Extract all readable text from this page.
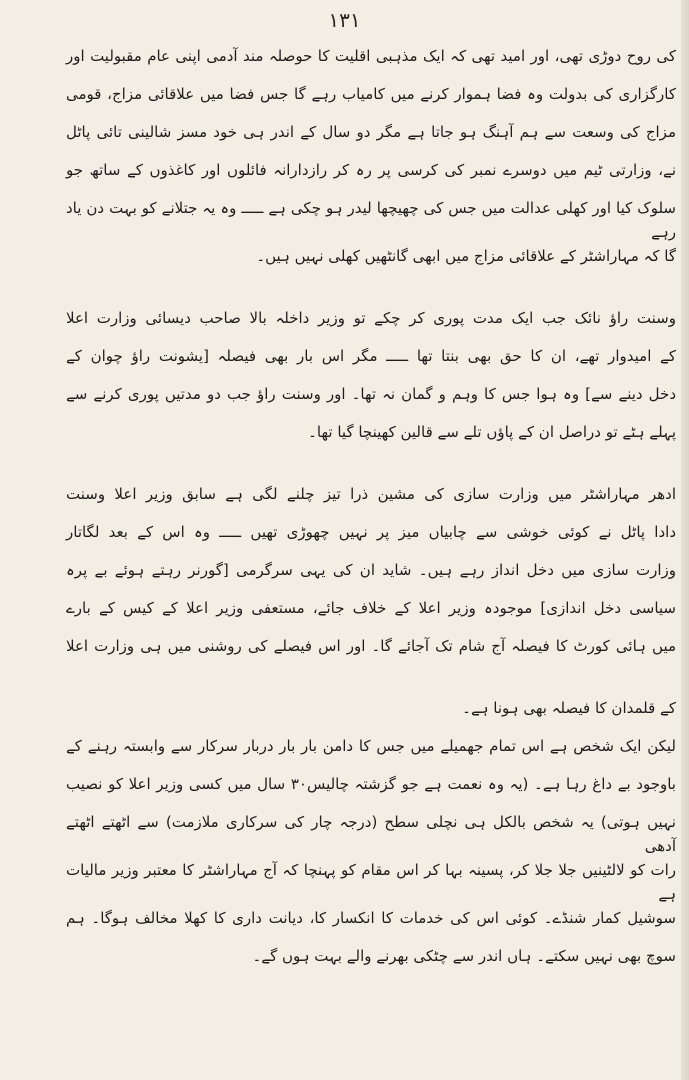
۱۳۱
کی روح دوڑی تھی، اور امید تھی کہ ایک مذہبی اقلیت کا حوصلہ مند آدمی اپنی عام مقبولیت اور
کارگزاری کی بدولت وہ فضا ہموار کرنے میں کامیاب رہے گا جس فضا میں علاقائی مزاج، قومی
مزاج کی وسعت سے ہم آہنگ ہو جاتا ہے مگر دو سال کے اندر ہی خود مسز شالینی تائی پاٹل
نے، وزارتی ٹیم میں دوسرے نمبر کی کرسی پر رہ کر رازدارانہ فائلوں اور کاغذوں کے ساتھ جو
سلوک کیا اور کھلی عدالت میں جس کی چھیچھا لیدر ہو چکی ہے ـــــ وہ یہ جتلانے کو بہت دن یاد رہے
گا کہ مہاراشٹر کے علاقائی مزاج میں ابھی گانٹھیں کھلی نہیں ہیں۔
وسنت راؤ نائک جب ایک مدت پوری کر چکے تو وزیر داخلہ بالا صاحب دیسائی وزارت اعلا
کے امیدوار تھے، ان کا حق بھی بنتا تھا ـــــ مگر اس بار بھی فیصلہ [یشونت راؤ چوان کے
دخل دینے سے] وہ ہوا جس کا وہم و گمان نہ تھا۔ اور وسنت راؤ جب دو مدتیں پوری کرنے سے
پہلے ہٹے تو دراصل ان کے پاؤں تلے سے قالین کھینچا گیا تھا۔
ادھر مہاراشٹر میں وزارت سازی کی مشین ذرا تیز چلنے لگی ہے سابق وزیر اعلا وسنت
دادا پاٹل نے کوئی خوشی سے چابیاں میز پر نہیں چھوڑی تھیں ـــــ وہ اس کے بعد لگاتار
وزارت سازی میں دخل انداز رہے ہیں۔ شاید ان کی یہی سرگرمی [گورنر رہتے ہوئے بے پرہ
سیاسی دخل اندازی] موجودہ وزیر اعلا کے خلاف جائے، مستعفی وزیر اعلا کے کیس کے بارے
میں ہائی کورٹ کا فیصلہ آج شام تک آجائے گا۔ اور اس فیصلے کی روشنی میں ہی وزارت اعلا
کے قلمدان کا فیصلہ بھی ہونا ہے۔
لیکن ایک شخص ہے اس تمام جھمیلے میں جس کا دامن بار بار دربار سرکار سے وابستہ رہنے کے
باوجود بے داغ رہا ہے۔ (یہ وہ نعمت ہے جو گزشتہ چالیس۳۰ سال میں کسی وزیر اعلا کو نصیب
نہیں ہوتی) یہ شخص بالکل ہی نچلی سطح (درجہ چار کی سرکاری ملازمت) سے اٹھتے اٹھتے آدھی
رات کو لالٹینیں جلا جلا کر، پسینہ بہا کر اس مقام کو پہنچا کہ آج مہاراشٹر کا معتبر وزیر مالیات ہے
سوشیل کمار شنڈے۔ کوئی اس کی خدمات کا انکسار کا، دیانت داری کا کھلا مخالف ہوگا۔ ہم
سوچ بھی نہیں سکتے۔ ہاں اندر سے چٹکی بھرنے والے بہت ہوں گے۔
